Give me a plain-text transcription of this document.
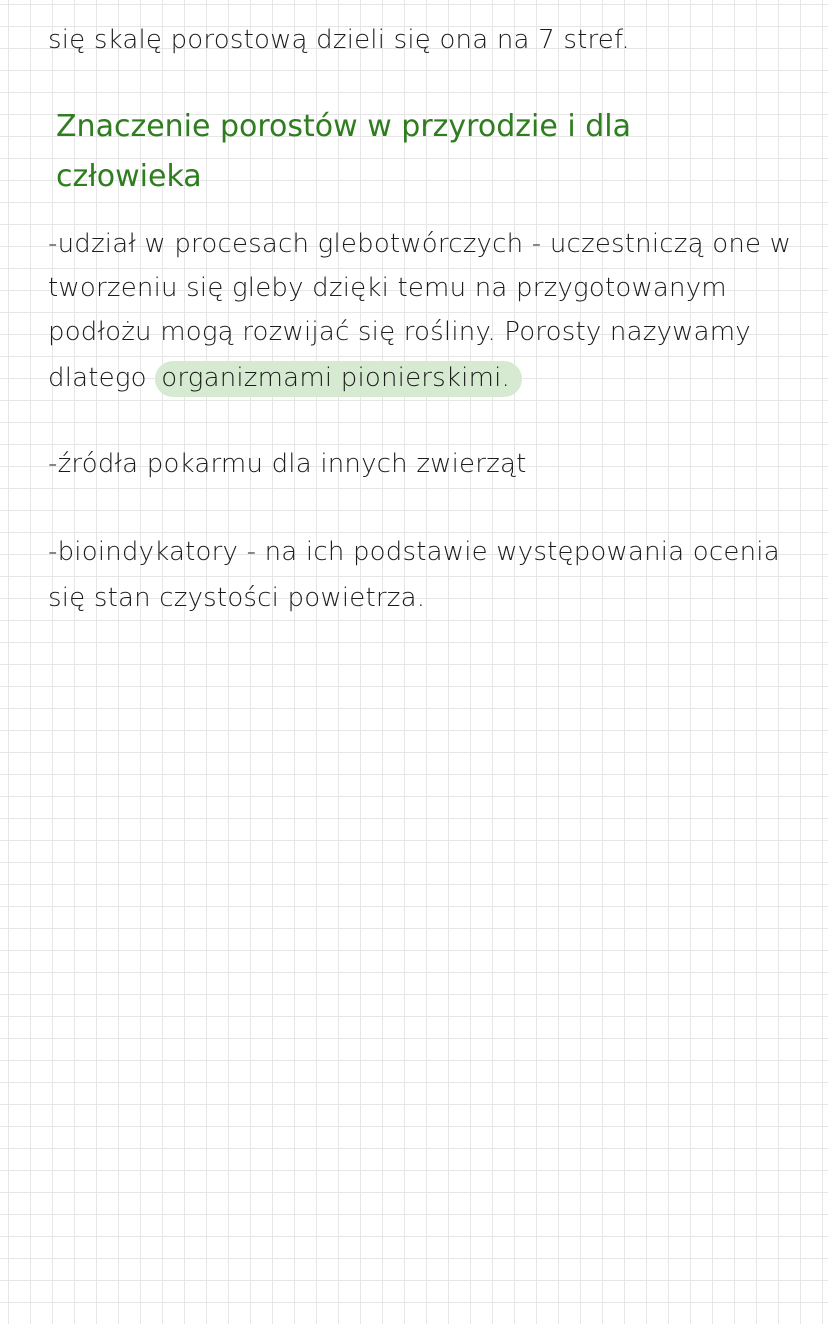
się skalę porostową dzieli się ona na 7 stref.

Znaczenie porostów w przyrodzie i dla
człowieka

-udział w procesach glebotwórczych - uczestniczą one w

tworzeniu się gleby dzięki temu na przygotowanym

podłożu mogą rozwijać się rośliny. Porosty nazywamy

dlatego organizmami pionierskimi.

-źródła pokarmu dla innych zwierząt

-bioindykatory - na ich podstawie występowania ocenia

się stan czystości powietrza.
